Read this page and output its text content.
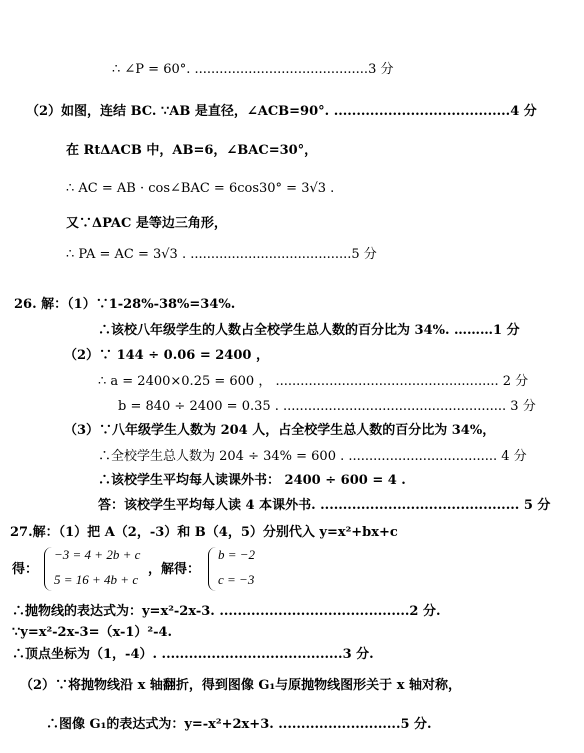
∴ ∠P = 60°. ..........................................3 分
（2）如图，连结 BC. ∵AB 是直径，∠ACB=90°. .......................................4 分
在 RtΔACB 中，AB=6，∠BAC=30°，
∴ AC = AB · cos∠BAC = 6cos30° = 3√3 .
又∵ΔPAC 是等边三角形，
∴ PA = AC = 3√3 . .......................................5 分
26. 解：（1）∵1-28%-38%=34%.
∴该校八年级学生的人数占全校学生总人数的百分比为 34%. ………1 分
（2）∵ 144 ÷ 0.06 = 2400 ，
∴ a = 2400×0.25 = 600 ， ...................................................... 2 分
b = 840 ÷ 2400 = 0.35 . ...................................................... 3 分
（3）∵八年级学生人数为 204 人，占全校学生总人数的百分比为 34%，
∴全校学生总人数为 204 ÷ 34% = 600 . .................................... 4 分
∴该校学生平均每人读课外书： 2400 ÷ 600 = 4 .
答：该校学生平均每人读 4 本课外书. ............................................ 5 分
27.解：（1）把 A（2，-3）和 B（4，5）分别代入 y=x²+bx+c
得：
−3 = 4 + 2b + c
5 = 16 + 4b + c
，解得：
b = −2
c = −3
∴抛物线的表达式为：y=x²-2x-3. ..........................................2 分.
∵y=x²-2x-3=（x-1）²-4.
∴顶点坐标为（1，-4）. ........................................3 分.
（2）∵将抛物线沿 x 轴翻折，得到图像 G₁与原抛物线图形关于 x 轴对称，
∴图像 G₁的表达式为：y=-x²+2x+3. ...........................5 分.
